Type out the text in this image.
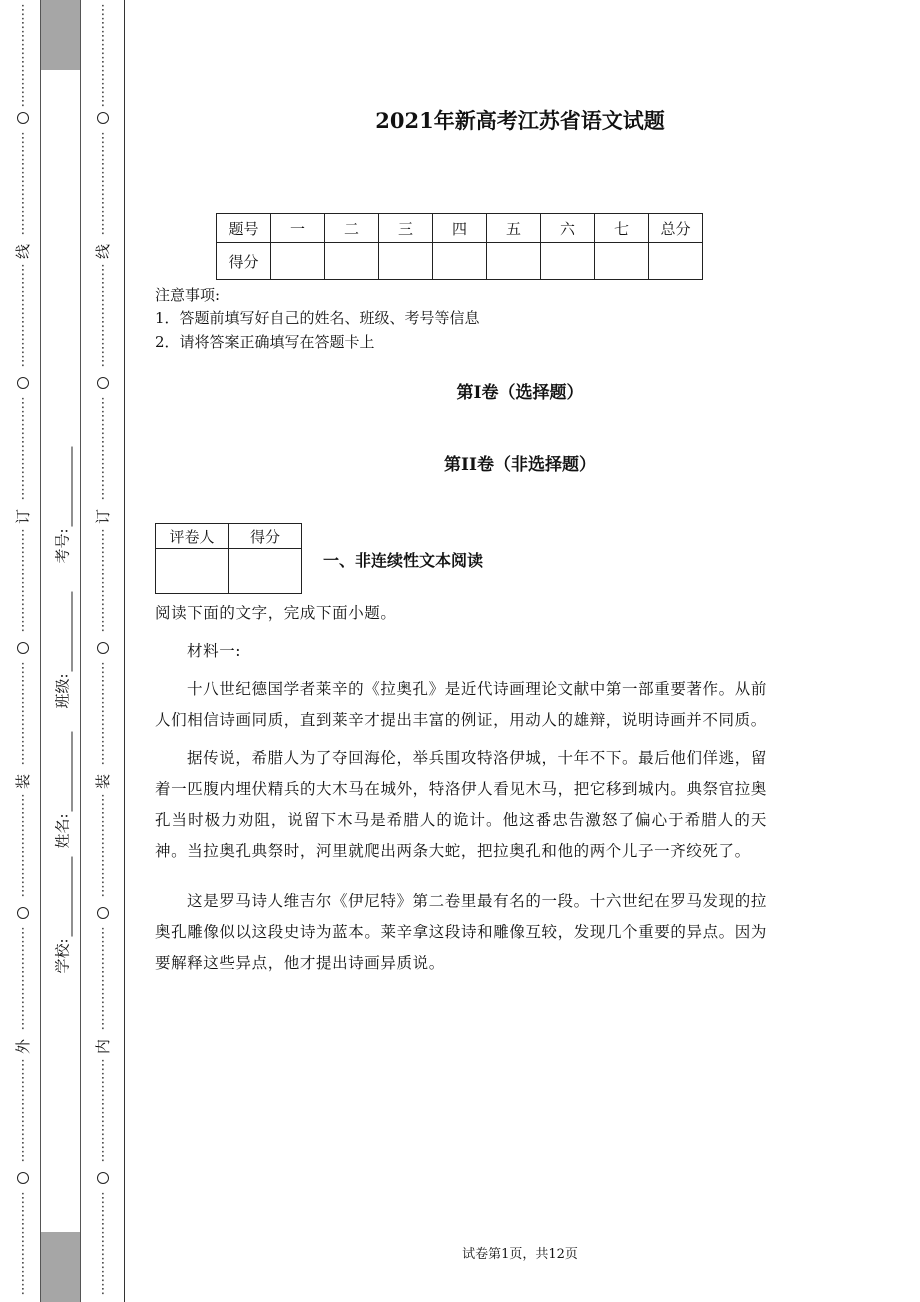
⋮
⋮
⋮
⋮
⋮
⋮
⋮
⋮
⋮
⋮
⋮
⋮
⋮
⋮
⋮
⋮
⋮
⋮
⋮
⋮
⋮
⋮
⋮
⋮
⋮
⋮
⋮
⋮
⋮
⋮
⋮
⋮
⋮
⋮
⋮
⋮
⋮
⋮
⋮
⋮
⋮
⋮
⋮
⋮
⋮
⋮
⋮
⋮
⋮
⋮
⋮
⋮
⋮
⋮
⋮
⋮
⋮
⋮
⋮
⋮
⋮
⋮
⋮
⋮
⋮
⋮
⋮
⋮
⋮
⋮
⋮
⋮
⋮
⋮
⋮
⋮
⋮
⋮
⋮
⋮
线
订
装
外
⋮
⋮
⋮
⋮
⋮
⋮
⋮
⋮
⋮
⋮
⋮
⋮
⋮
⋮
⋮
⋮
⋮
⋮
⋮
⋮
⋮
⋮
⋮
⋮
⋮
⋮
⋮
⋮
⋮
⋮
⋮
⋮
⋮
⋮
⋮
⋮
⋮
⋮
⋮
⋮
⋮
⋮
⋮
⋮
⋮
⋮
⋮
⋮
⋮
⋮
⋮
⋮
⋮
⋮
⋮
⋮
⋮
⋮
⋮
⋮
⋮
⋮
⋮
⋮
⋮
⋮
⋮
⋮
⋮
⋮
⋮
⋮
⋮
⋮
⋮
⋮
⋮
⋮
⋮
⋮
线
订
装
内
考号:
班级:
姓名:
学校:
2021年新高考江苏省语文试题
题号	一	二	三	四	五	六	七	总分
得分								
注意事项:
1．答题前填写好自己的姓名、班级、考号等信息
2．请将答案正确填写在答题卡上
第I卷（选择题）
第II卷（非选择题）
评卷人	得分

一、非连续性文本阅读
阅读下面的文字，完成下面小题。
材料一:
十八世纪德国学者莱辛的《拉奥孔》是近代诗画理论文献中第一部重要著作。从前人们相信诗画同质，直到莱辛才提出丰富的例证，用动人的雄辩，说明诗画并不同质。
据传说，希腊人为了夺回海伦，举兵围攻特洛伊城，十年不下。最后他们佯逃，留着一匹腹内埋伏精兵的大木马在城外，特洛伊人看见木马，把它移到城内。典祭官拉奥孔当时极力劝阻，说留下木马是希腊人的诡计。他这番忠告激怒了偏心于希腊人的天神。当拉奥孔典祭时，河里就爬出两条大蛇，把拉奥孔和他的两个儿子一齐绞死了。
这是罗马诗人维吉尔《伊尼特》第二卷里最有名的一段。十六世纪在罗马发现的拉奥孔雕像似以这段史诗为蓝本。莱辛拿这段诗和雕像互较，发现几个重要的异点。因为要解释这些异点，他才提出诗画异质说。
试卷第1页，共12页
